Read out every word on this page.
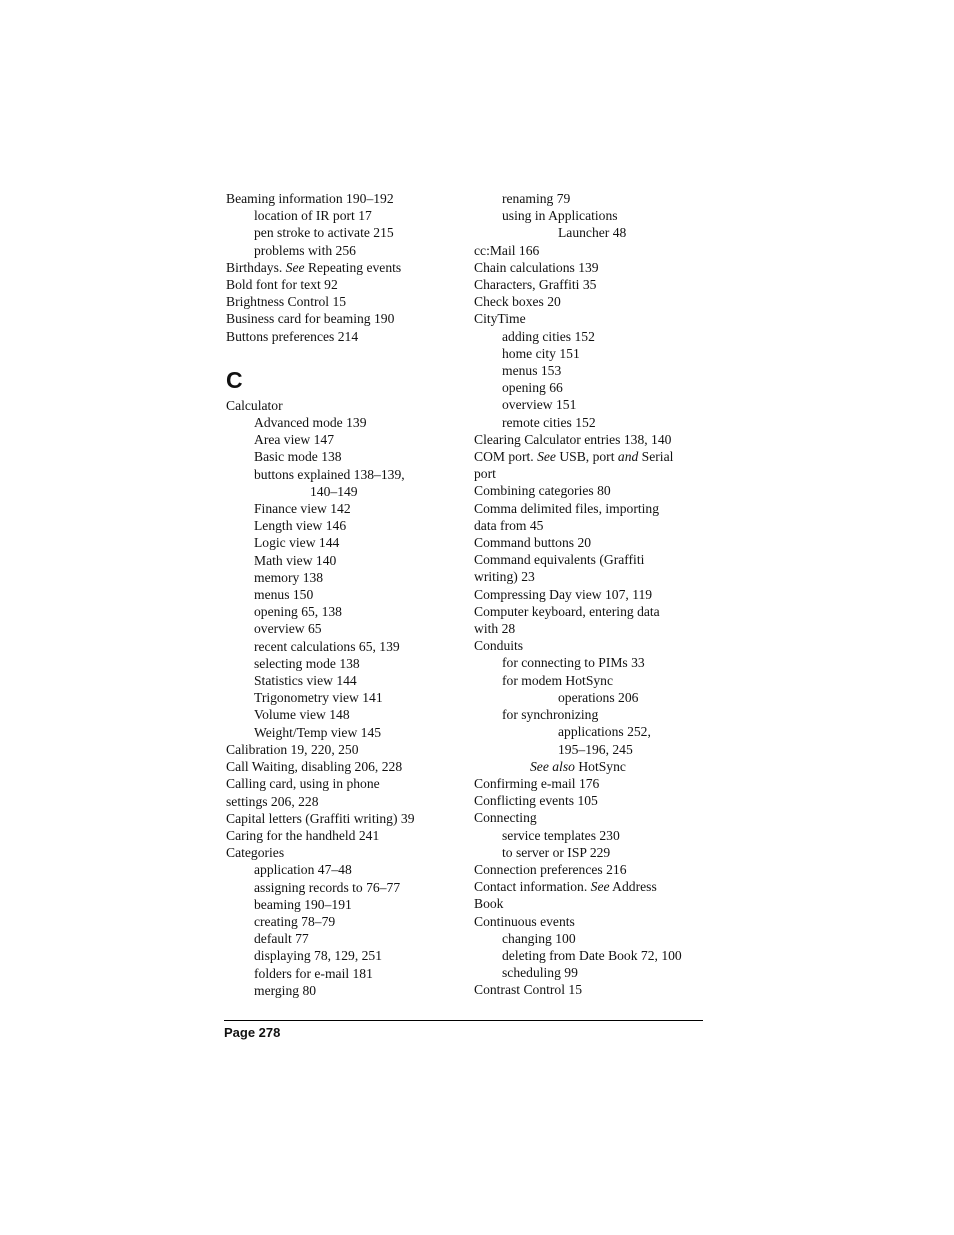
Beaming information 190–192
location of IR port 17
pen stroke to activate 215
problems with 256
Birthdays. See Repeating events
Bold font for text 92
Brightness Control 15
Business card for beaming 190
Buttons preferences 214
C
Calculator
Advanced mode 139
Area view 147
Basic mode 138
buttons explained 138–139,
140–149
Finance view 142
Length view 146
Logic view 144
Math view 140
memory 138
menus 150
opening 65, 138
overview 65
recent calculations 65, 139
selecting mode 138
Statistics view 144
Trigonometry view 141
Volume view 148
Weight/Temp view 145
Calibration 19, 220, 250
Call Waiting, disabling 206, 228
Calling card, using in phone
settings 206, 228
Capital letters (Graffiti writing) 39
Caring for the handheld 241
Categories
application 47–48
assigning records to 76–77
beaming 190–191
creating 78–79
default 77
displaying 78, 129, 251
folders for e-mail 181
merging 80
renaming 79
using in Applications
Launcher 48
cc:Mail 166
Chain calculations 139
Characters, Graffiti 35
Check boxes 20
CityTime
adding cities 152
home city 151
menus 153
opening 66
overview 151
remote cities 152
Clearing Calculator entries 138, 140
COM port. See USB, port and Serial
port
Combining categories 80
Comma delimited files, importing
data from 45
Command buttons 20
Command equivalents (Graffiti
writing) 23
Compressing Day view 107, 119
Computer keyboard, entering data
with 28
Conduits
for connecting to PIMs 33
for modem HotSync
operations 206
for synchronizing
applications 252,
195–196, 245
See also HotSync
Confirming e-mail 176
Conflicting events 105
Connecting
service templates 230
to server or ISP 229
Connection preferences 216
Contact information. See Address
Book
Continuous events
changing 100
deleting from Date Book 72, 100
scheduling 99
Contrast Control 15
Page 278
